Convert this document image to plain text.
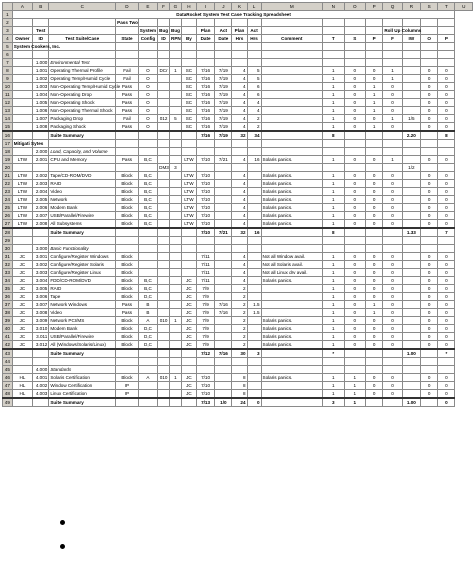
	A	B	C	D	E	F	G	H	I	J	K	L	M	N	O	P	Q	R	S	T	U
1	DataRocket System Test Case Tracking Spreadsheet																				
2				Pass Two																	
3		Test			System	Bug	Bug		Plan	Act	Plan	Act					Roll Up Columns				
4	Owner	ID	Test Suite/Case	State	Config	ID	RPN	By	Date	Date	Hrs	Hrs	Comment	T	S	P	F	IW	O	P	
5	System Cookers, Inc.																				
6																					
7		1.000	Environmental Test																		
8		1.001	Operating Thermal Profile	Fail	O	DCr	1	SC	7/16	7/19	4	5		1	0	0	1		0	0	
9		1.002	Operating Temp/Humid Cycle	Fail	O			SC	7/16	7/19	4	5		1	0	0	1		0	0	
10		1.003	Non-Operating Temp/Humid Cycle	Pass	O			SC	7/16	7/19	4	6		1	0	1	0		0	0	
11		1.004	Non-Operating Drop	Pass	O			SC	7/16	7/19	4	6		1	0	1	0		0	0	
12		1.005	Non-Operating Shock	Pass	O			SC	7/16	7/19	4	4		1	0	1	0		0	0	
13		1.006	Non-Operating Thermal Shock	Pass	O			SC	7/16	7/19	4	4		1	0	1	0		0	0	
14		1.007	Packaging Drop	Fail	O	012	5	SC	7/16	7/19	4	2		1	0	0	1	1/5	0	0	
15		1.008	Packaging Shock	Pass	O			SC	7/16	7/19	4	2		1	0	1	0		0	0	
16			Suite Summary						7/16	7/19	32	34		8				2.20		8	
17	Mitigati Sytes																				
18		2.000	Load, Capacity, and Volume																		
19	LTW	2.001	CPU and Memory	Pass	B,C			LTW	7/10	7/21	4	16	Solaris panics.	1	0	0	1		0	0	
20						DM3	3											1/2			
21	LTW	2.002	Tape/CD-ROM/DVD	Block	B,C			LTW	7/10		4		Solaris panics.	1	0	0	0		0	0	
22	LTW	2.003	RAID	Block	B,C			LTW	7/10		4		Solaris panics.	1	0	0	0		0	0	
23	LTW	2.004	Video	Block	B,C			LTW	7/10		4		Solaris panics.	1	0	0	0		0	0	
24	LTW	2.005	Network	Block	B,C			LTW	7/10		4		Solaris panics.	1	0	0	0		0	0	
25	LTW	2.006	Modem Bank	Block	B,C			LTW	7/10		4		Solaris panics.	1	0	0	0		0	0	
26	LTW	2.007	USB/Parallel/Firewire	Block	B,C			LTW	7/10		4		Solaris panics.	1	0	0	0		0	0	
27	LTW	2.008	All Subsystems	Block	B,C			LTW	7/10		4		Solaris panics.	1	0	0	0		0	0	
28			Suite Summary						7/10	7/21	32	16		8				1.33		7	
29																					
30		3.000	Basic Functionality																		
31	JC	3.001	Configure/Register Windows	Block					7/11		4		Not all Window avail.	1	0	0	0		0	0	
32	JC	3.002	Configure/Register Solaris	Block					7/11		4		Not all Solaris avail.	1	0	0	0		0	0	
33	JC	3.003	Configure/Register Linux	Block					7/11		4		Not all Linux drv avail.	1	0	0	0		0	0	
34	JC	3.004	FDD/CD-ROM/DVD	Block	B,C			JC	7/11		4		Solaris panics.	1	0	0	0		0	0	
35	JC	3.005	RAID	Block	B,C			JC	7/9		2			1	0	0	0		0	0	
36	JC	3.006	Tape	Block	D,C			JC	7/9		2			1	0	0	0		0	0	
37	JC	3.007	Network Windows	Pass	B			JC	7/9	7/16	2	1.5		1	0	1	0		0	0	
38	JC	3.008	Video	Pass	B			JC	7/9	7/16	2	1.5		1	0	1	0		0	0	
39	JC	3.009	Network PCI/MS	Block	A	010	1	JC	7/9		2		Solaris panics.	1	0	0	0		0	0	
40	JC	3.010	Modem Bank	Block	D,C			JC	7/9		2		Solaris panics.	1	0	0	0		0	0	
41	JC	3.011	USB/Parallel/Firewire	Block	D,C			JC	7/9		2		Solaris panics.	1	0	0	0		0	0	
42	JC	3.012	All (Windows/Solaris/Linux)	Block	D,C			JC	7/9		2		Solaris panics.	1	0	0	0		0	0	
43			Suite Summary						7/12	7/16	30	3		*				1.00		*	
44																					
45		4.000	Standards																		
46	HL	4.001	Solaris Certification	Block	A	010	1	JC	7/10		8		Solaris panics.	1	1	0	0		0	0	
47	HL	4.002	Window Certification	IP				JC	7/10		8			1	1	0	0		0	0	
48	HL	4.003	Linux Certification	IP				JC	7/10		8			1	1	0	0		0	0	
49			Suite Summary						7/13	1/0	24	0		3	1			1.00		0	
